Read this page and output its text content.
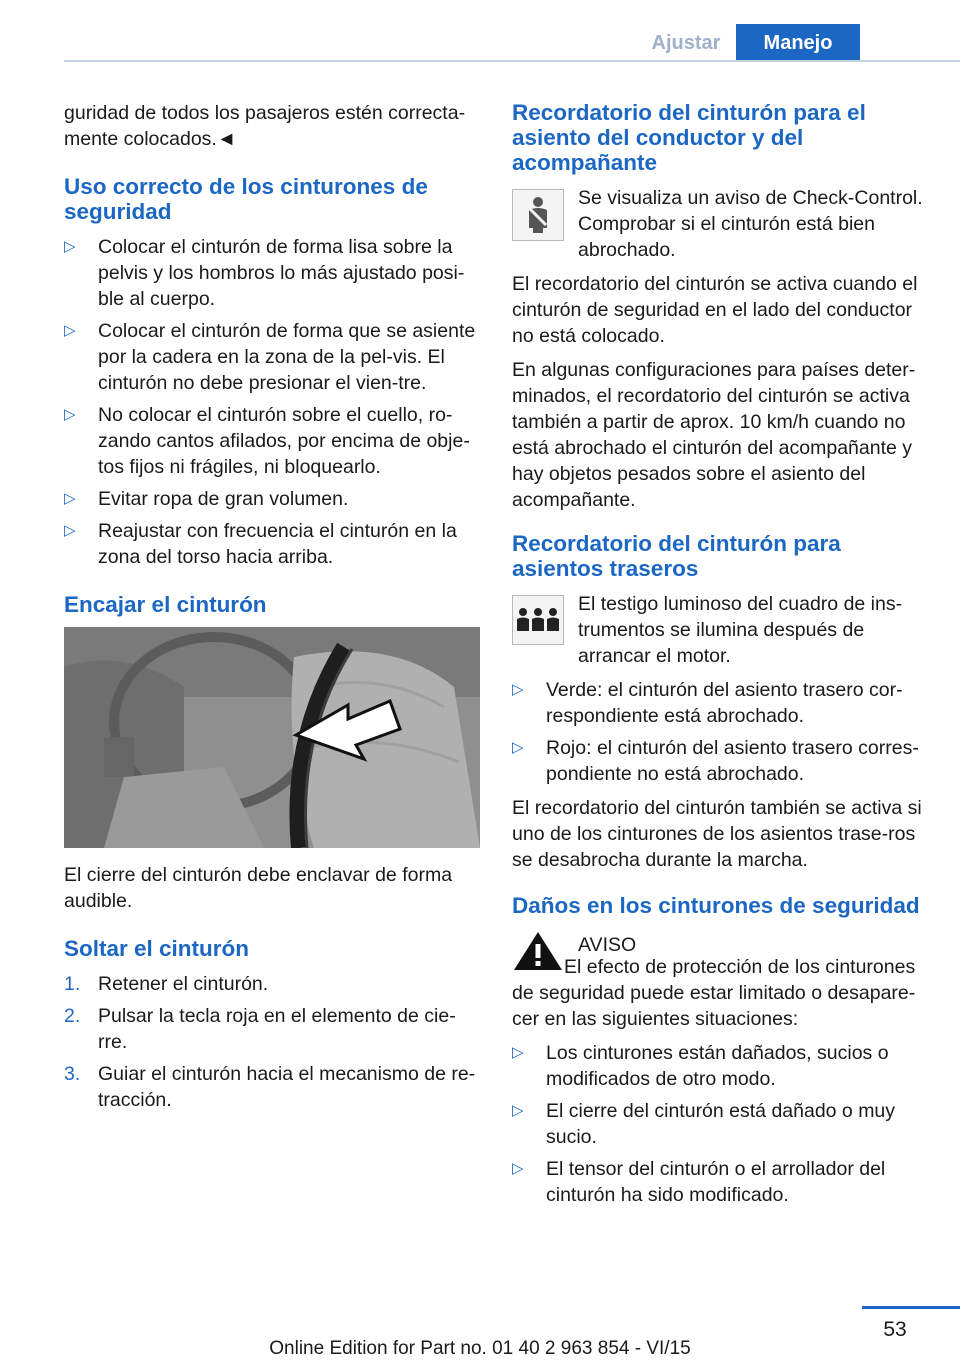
Ajustar	Manejo

guridad de todos los pasajeros estén correcta-mente colocados.◄

Uso correcto de los cinturones de seguridad
▷	Colocar el cinturón de forma lisa sobre la pelvis y los hombros lo más ajustado posi-ble al cuerpo.
▷	Colocar el cinturón de forma que se asiente por la cadera en la zona de la pel-vis. El cinturón no debe presionar el vien-tre.
▷	No colocar el cinturón sobre el cuello, ro-zando cantos afilados, por encima de obje-tos fijos ni frágiles, ni bloquearlo.
▷	Evitar ropa de gran volumen.
▷	Reajustar con frecuencia el cinturón en la zona del torso hacia arriba.
Encajar el cinturón

El cierre del cinturón debe enclavar de forma audible.

Soltar el cinturón
1. Retener el cinturón.
2. Pulsar la tecla roja en el elemento de cie-rre.
3. Guiar el cinturón hacia el mecanismo de re-tracción.
Recordatorio del cinturón para el asiento del conductor y del acompañante
Se visualiza un aviso de Check-Control. Comprobar si el cinturón está bien abrochado.

El recordatorio del cinturón se activa cuando el cinturón de seguridad en el lado del conductor no está colocado.

En algunas configuraciones para países deter-minados, el recordatorio del cinturón se activa también a partir de aprox. 10 km/h cuando no está abrochado el cinturón del acompañante y hay objetos pesados sobre el asiento del acompañante.

Recordatorio del cinturón para asientos traseros
El testigo luminoso del cuadro de ins-trumentos se ilumina después de arrancar el motor.
▷	Verde: el cinturón del asiento trasero cor-respondiente está abrochado.
▷	Rojo: el cinturón del asiento trasero corres-pondiente no está abrochado.

El recordatorio del cinturón también se activa si uno de los cinturones de los asientos trase-ros se desabrocha durante la marcha.

Daños en los cinturones de seguridad
AVISO

El efecto de protección de los cinturones de seguridad puede estar limitado o desapare-cer en las siguientes situaciones:

▷	Los cinturones están dañados, sucios o modificados de otro modo.
▷	El cierre del cinturón está dañado o muy sucio.
▷	El tensor del cinturón o el arrollador del cinturón ha sido modificado.
53
Online Edition for Part no. 01 40 2 963 854 - VI/15
